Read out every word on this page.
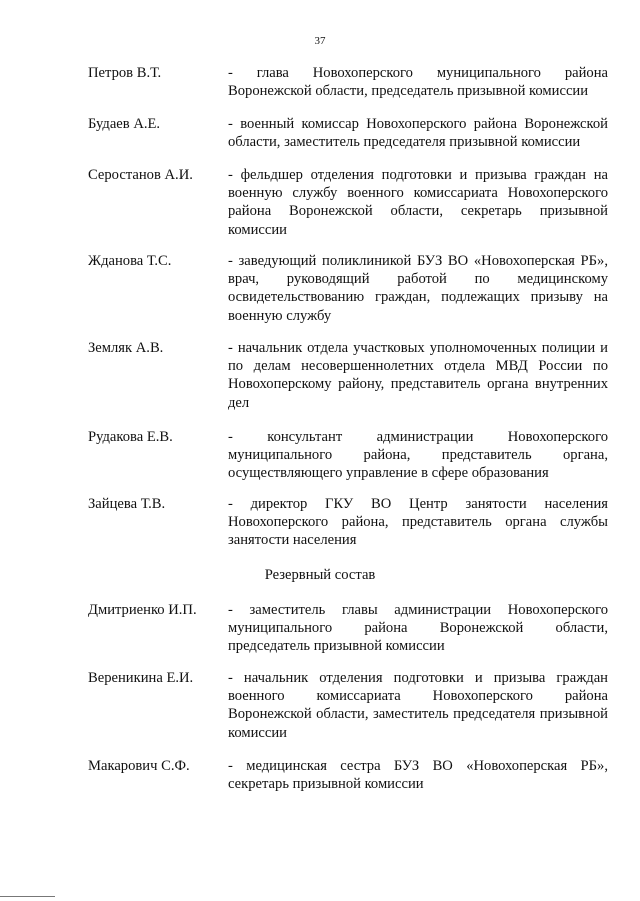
37
Петров В.Т.	- глава Новохоперского муниципального района Воронежской области, председатель призывной комиссии
Будаев А.Е.	- военный комиссар Новохоперского района Воронежской области, заместитель председателя призывной комиссии
Серостанов А.И.	- фельдшер отделения подготовки и призыва граждан на военную службу военного комиссариата Новохоперского района Воронежской области, секретарь призывной комиссии
Жданова Т.С.	- заведующий поликлиникой БУЗ ВО «Новохоперская РБ», врач, руководящий работой по медицинскому освидетельствованию граждан, подлежащих призыву на военную службу
Земляк А.В.	- начальник отдела участковых уполномоченных полиции и по делам несовершеннолетних отдела МВД России по Новохоперскому району, представитель органа внутренних дел
Рудакова Е.В.	- консультант администрации Новохоперского муниципального района, представитель органа, осуществляющего управление в сфере образования
Зайцева Т.В.	- директор ГКУ ВО Центр занятости населения Новохоперского района, представитель органа службы занятости населения
Резервный состав
Дмитриенко И.П.	- заместитель главы администрации Новохоперского муниципального района Воронежской области, председатель призывной комиссии
Вереникина Е.И.	- начальник отделения подготовки и призыва граждан военного комиссариата Новохоперского района Воронежской области, заместитель председателя призывной комиссии
Макарович С.Ф.	- медицинская сестра БУЗ ВО «Новохоперская РБ», секретарь призывной комиссии
